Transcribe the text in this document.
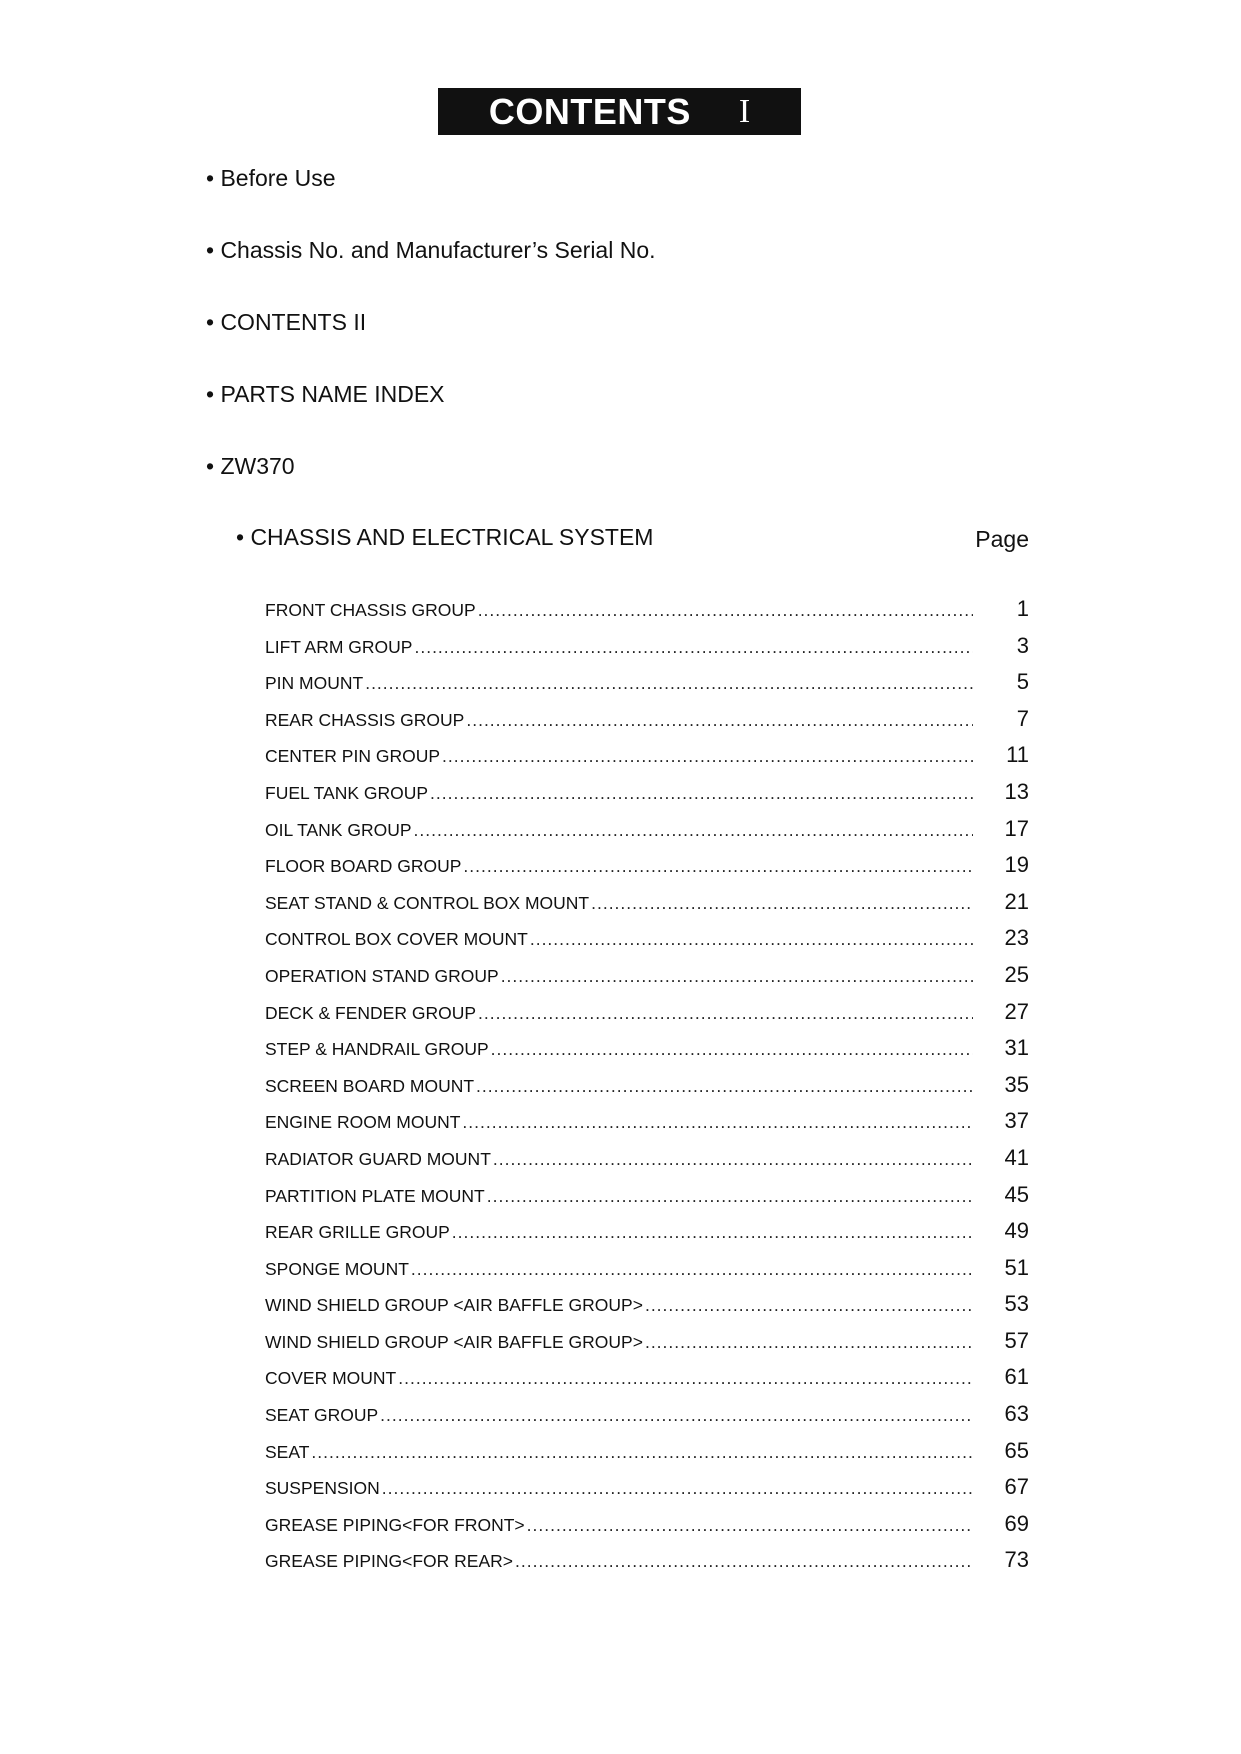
CONTENTS I
• Before Use
• Chassis No. and Manufacturer’s Serial No.
• CONTENTS II
• PARTS NAME INDEX
• ZW370
• CHASSIS AND ELECTRICAL SYSTEM	Page
FRONT CHASSIS GROUP .....	1
LIFT ARM GROUP .....	3
PIN MOUNT .....	5
REAR CHASSIS GROUP .....	7
CENTER PIN GROUP .....	11
FUEL TANK GROUP .....	13
OIL TANK GROUP .....	17
FLOOR BOARD GROUP .....	19
SEAT STAND & CONTROL BOX MOUNT .....	21
CONTROL BOX COVER MOUNT .....	23
OPERATION STAND GROUP .....	25
DECK & FENDER GROUP .....	27
STEP & HANDRAIL GROUP .....	31
SCREEN BOARD MOUNT .....	35
ENGINE ROOM MOUNT .....	37
RADIATOR GUARD MOUNT .....	41
PARTITION PLATE MOUNT .....	45
REAR GRILLE GROUP .....	49
SPONGE MOUNT .....	51
WIND SHIELD GROUP <AIR BAFFLE GROUP> .....	53
WIND SHIELD GROUP <AIR BAFFLE GROUP> .....	57
COVER MOUNT .....	61
SEAT GROUP .....	63
SEAT .....	65
SUSPENSION .....	67
GREASE PIPING<FOR FRONT> .....	69
GREASE PIPING<FOR REAR> .....	73
